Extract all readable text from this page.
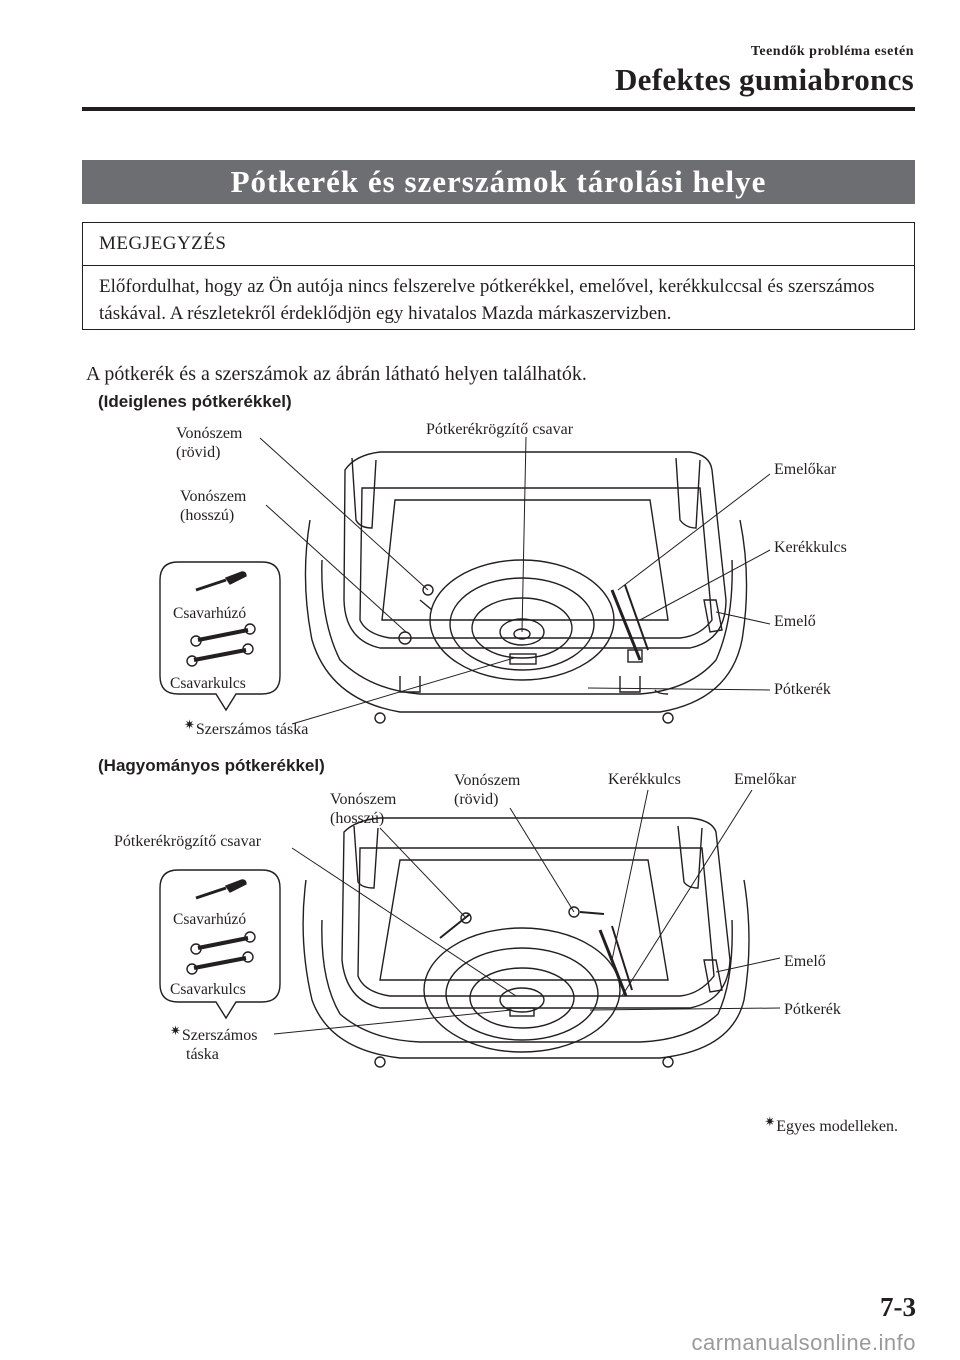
Teendők probléma esetén
Defektes gumiabroncs
Pótkerék és szerszámok tárolási helye
MEGJEGYZÉS
Előfordulhat, hogy az Ön autója nincs felszerelve pótkerékkel, emelővel, kerékkulccsal és szerszámos táskával. A részletekről érdeklődjön egy hivatalos Mazda márkaszervizben.
A pótkerék és a szerszámok az ábrán látható helyen találhatók.
(Ideiglenes pótkerékkel)
Vonószem
(rövid)
Vonószem
(hosszú)
Pótkerékrögzítő csavar
Emelőkar
Kerékkulcs
Emelő
Pótkerék
Csavarhúzó
Csavarkulcs
✷Szerszámos táska
(Hagyományos pótkerékkel)
Vonószem
(hosszú)
Vonószem
(rövid)
Kerékkulcs	Emelőkar
Pótkerékrögzítő csavar
Emelő
Pótkerék
Csavarhúzó
Csavarkulcs
✷Szerszámos
táska
✷Egyes modelleken.
7-3
carmanualsonline.info
